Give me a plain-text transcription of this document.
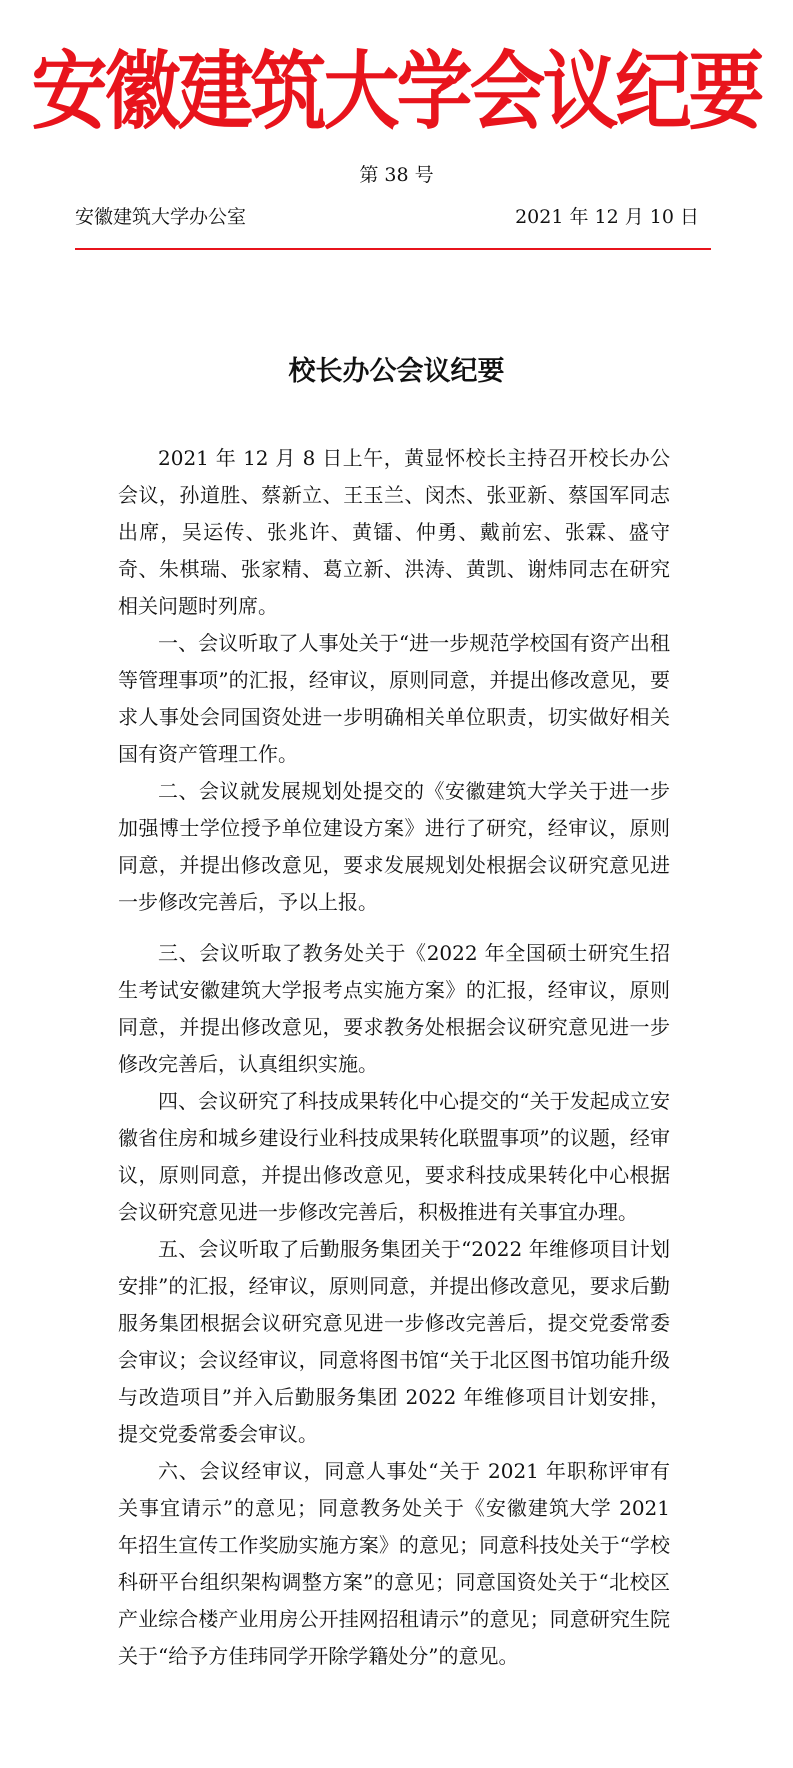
安徽建筑大学会议纪要
第 38 号
安徽建筑大学办公室	2021 年 12 月 10 日
校长办公会议纪要

2021 年 12 月 8 日上午，黄显怀校长主持召开校长办公会议，孙道胜、蔡新立、王玉兰、闵杰、张亚新、蔡国军同志出席，吴运传、张兆许、黄镭、仲勇、戴前宏、张霖、盛守奇、朱棋瑞、张家精、葛立新、洪涛、黄凯、谢炜同志在研究相关问题时列席。

一、会议听取了人事处关于“进一步规范学校国有资产出租等管理事项”的汇报，经审议，原则同意，并提出修改意见，要求人事处会同国资处进一步明确相关单位职责，切实做好相关国有资产管理工作。

二、会议就发展规划处提交的《安徽建筑大学关于进一步加强博士学位授予单位建设方案》进行了研究，经审议，原则同意，并提出修改意见，要求发展规划处根据会议研究意见进一步修改完善后，予以上报。

三、会议听取了教务处关于《2022 年全国硕士研究生招生考试安徽建筑大学报考点实施方案》的汇报，经审议，原则同意，并提出修改意见，要求教务处根据会议研究意见进一步修改完善后，认真组织实施。

四、会议研究了科技成果转化中心提交的“关于发起成立安徽省住房和城乡建设行业科技成果转化联盟事项”的议题，经审议，原则同意，并提出修改意见，要求科技成果转化中心根据会议研究意见进一步修改完善后，积极推进有关事宜办理。

五、会议听取了后勤服务集团关于“2022 年维修项目计划安排”的汇报，经审议，原则同意，并提出修改意见，要求后勤服务集团根据会议研究意见进一步修改完善后，提交党委常委会审议；会议经审议，同意将图书馆“关于北区图书馆功能升级与改造项目”并入后勤服务集团 2022 年维修项目计划安排，提交党委常委会审议。

六、会议经审议，同意人事处“关于 2021 年职称评审有关事宜请示”的意见；同意教务处关于《安徽建筑大学 2021 年招生宣传工作奖励实施方案》的意见；同意科技处关于“学校科研平台组织架构调整方案”的意见；同意国资处关于“北校区产业综合楼产业用房公开挂网招租请示”的意见；同意研究生院关于“给予方佳玮同学开除学籍处分”的意见。
